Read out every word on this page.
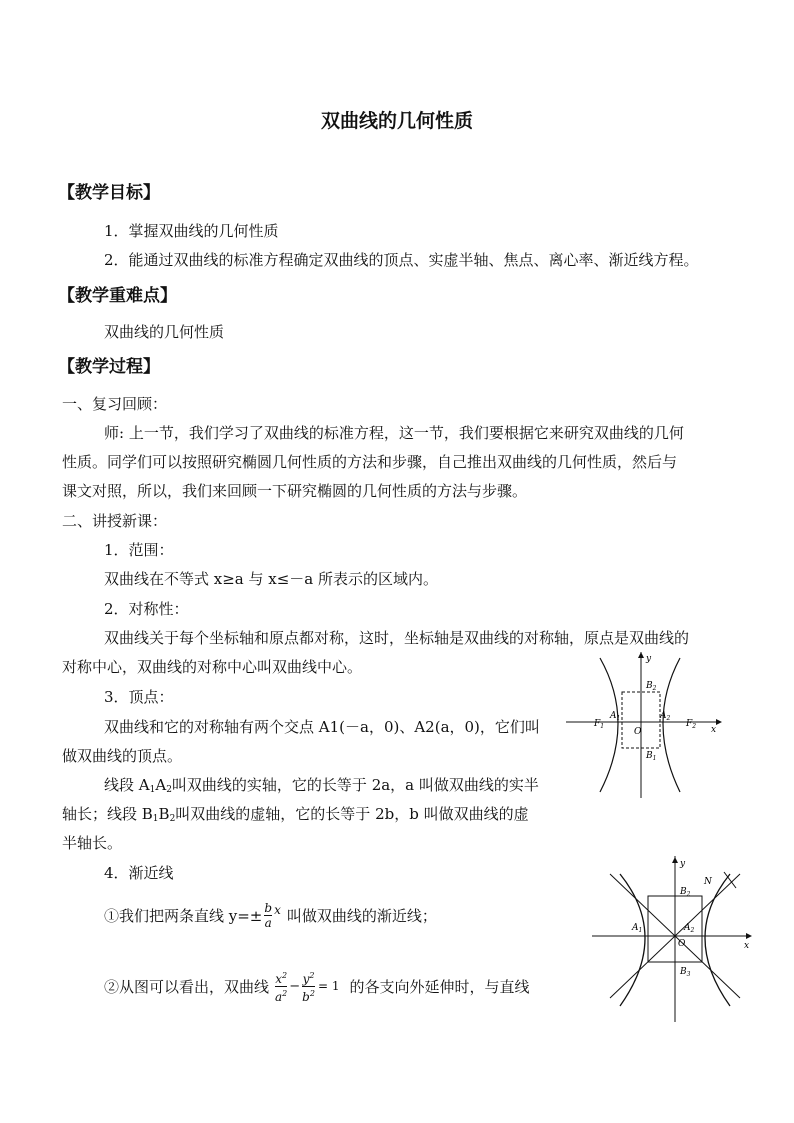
双曲线的几何性质
【教学目标】
1．掌握双曲线的几何性质
2．能通过双曲线的标准方程确定双曲线的顶点、实虚半轴、焦点、离心率、渐近线方程。
【教学重难点】
双曲线的几何性质
【教学过程】
一、复习回顾：
师: 上一节，我们学习了双曲线的标准方程，这一节，我们要根据它来研究双曲线的几何
性质。同学们可以按照研究椭圆几何性质的方法和步骤，自己推出双曲线的几何性质，然后与
课文对照，所以，我们来回顾一下研究椭圆的几何性质的方法与步骤。
二、讲授新课：
1．范围：
双曲线在不等式 x≥a 与 x≤－a 所表示的区域内。
2．对称性：
双曲线关于每个坐标轴和原点都对称，这时，坐标轴是双曲线的对称轴，原点是双曲线的
对称中心，双曲线的对称中心叫双曲线中心。
3．顶点：
双曲线和它的对称轴有两个交点 A1(－a，0)、A2(a，0)，它们叫
做双曲线的顶点。
线段 $A_1A_2$叫双曲线的实轴，它的长等于 2a，a 叫做双曲线的实半
轴长；线段 $B_1B_2$叫双曲线的虚轴，它的长等于 2b，b 叫做双曲线的虚
半轴长。
4．渐近线
①我们把两条直线 $y=\pm \frac{b}{a}$ x 叫做双曲线的渐近线；
②从图可以看出，双曲线 $\frac{x^2}{a^2} - \frac{y^2}{b^2} = 1$ 的各支向外延伸时，与直线
y
x
O
$F_1$	$F_2$
$A_1$	$A_2$
$B_2$
$B_1$
y
x
O
N
$A_1$	$A_2$
$B_2$
$B_3$
